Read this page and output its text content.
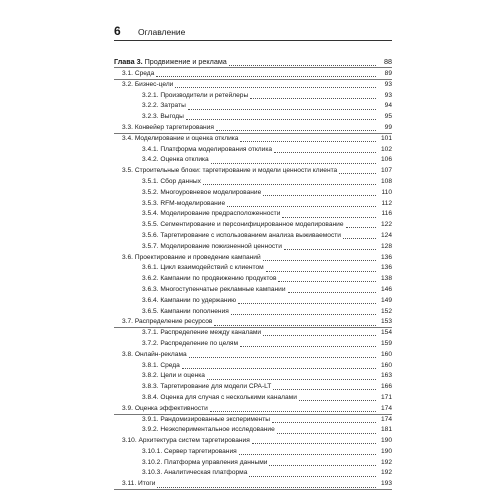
6 Оглавление
Глава 3. Продвижение и реклама	88
3.1. Среда	89
3.2. Бизнес-цели	93
3.2.1. Производители и ретейлеры	93
3.2.2. Затраты	94
3.2.3. Выгоды	95
3.3. Конвейер таргетирования	99
3.4. Моделирование и оценка отклика	101
3.4.1. Платформа моделирования отклика	102
3.4.2. Оценка отклика	106
3.5. Строительные блоки: таргетирование и модели ценности клиента	107
3.5.1. Сбор данных	108
3.5.2. Многоуровневое моделирование	110
3.5.3. RFM-моделирование	112
3.5.4. Моделирование предрасположенности	116
3.5.5. Сегментирование и персонифицированное моделирование	122
3.5.6. Таргетирование с использованием анализа выживаемости	124
3.5.7. Моделирование пожизненной ценности	128
3.6. Проектирование и проведение кампаний	136
3.6.1. Цикл взаимодействий с клиентом	136
3.6.2. Кампании по продвижению продуктов	138
3.6.3. Многоступенчатые рекламные кампании	146
3.6.4. Кампании по удержанию	149
3.6.5. Кампании пополнения	152
3.7. Распределение ресурсов	153
3.7.1. Распределение между каналами	154
3.7.2. Распределение по целям	159
3.8. Онлайн-реклама	160
3.8.1. Среда	160
3.8.2. Цели и оценка	163
3.8.3. Таргетирование для модели CPA-LT	166
3.8.4. Оценка для случая с несколькими каналами	171
3.9. Оценка эффективности	174
3.9.1. Рандомизированные эксперименты	174
3.9.2. Неэкспериментальное исследование	181
3.10. Архитектура систем таргетирования	190
3.10.1. Сервер таргетирования	190
3.10.2. Платформа управления данными	192
3.10.3. Аналитическая платформа	192
3.11. Итоги	193
